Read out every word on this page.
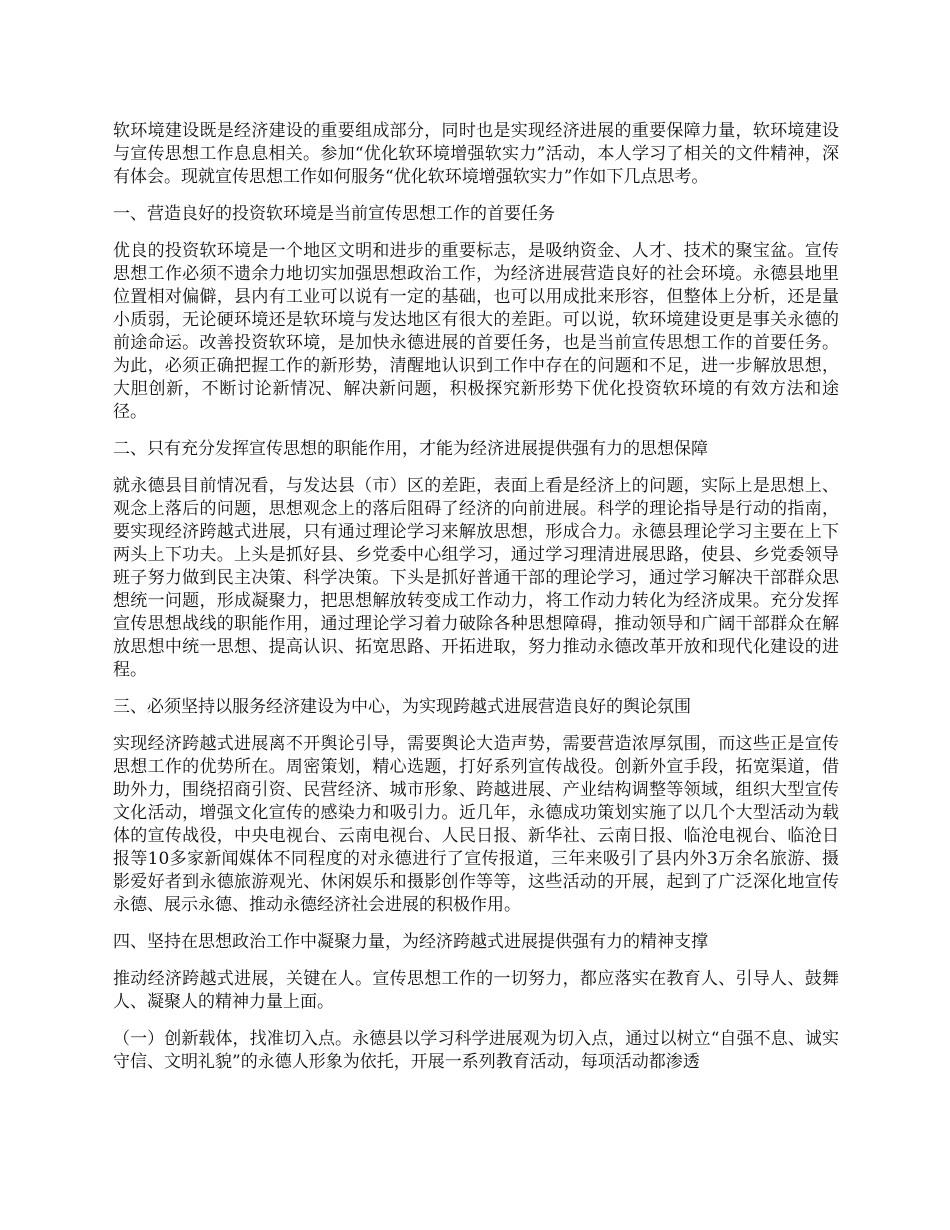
软环境建设既是经济建设的重要组成部分，同时也是实现经济进展的重要保障力量，软环境建设与宣传思想工作息息相关。参加“优化软环境增强软实力”活动，本人学习了相关的文件精神，深有体会。现就宣传思想工作如何服务“优化软环境增强软实力”作如下几点思考。

一、营造良好的投资软环境是当前宣传思想工作的首要任务

优良的投资软环境是一个地区文明和进步的重要标志，是吸纳资金、人才、技术的聚宝盆。宣传思想工作必须不遗余力地切实加强思想政治工作，为经济进展营造良好的社会环境。永德县地里位置相对偏僻，县内有工业可以说有一定的基础，也可以用成批来形容，但整体上分析，还是量小质弱，无论硬环境还是软环境与发达地区有很大的差距。可以说，软环境建设更是事关永德的前途命运。改善投资软环境，是加快永德进展的首要任务，也是当前宣传思想工作的首要任务。为此，必须正确把握工作的新形势，清醒地认识到工作中存在的问题和不足，进一步解放思想，大胆创新，不断讨论新情况、解决新问题，积极探究新形势下优化投资软环境的有效方法和途径。

二、只有充分发挥宣传思想的职能作用，才能为经济进展提供强有力的思想保障

就永德县目前情况看，与发达县（市）区的差距，表面上看是经济上的问题，实际上是思想上、观念上落后的问题，思想观念上的落后阻碍了经济的向前进展。科学的理论指导是行动的指南，要实现经济跨越式进展，只有通过理论学习来解放思想，形成合力。永德县理论学习主要在上下两头上下功夫。上头是抓好县、乡党委中心组学习，通过学习理清进展思路，使县、乡党委领导班子努力做到民主决策、科学决策。下头是抓好普通干部的理论学习，通过学习解决干部群众思想统一问题，形成凝聚力，把思想解放转变成工作动力，将工作动力转化为经济成果。充分发挥宣传思想战线的职能作用，通过理论学习着力破除各种思想障碍，推动领导和广阔干部群众在解放思想中统一思想、提高认识、拓宽思路、开拓进取，努力推动永德改革开放和现代化建设的进程。

三、必须坚持以服务经济建设为中心，为实现跨越式进展营造良好的舆论氛围

实现经济跨越式进展离不开舆论引导，需要舆论大造声势，需要营造浓厚氛围，而这些正是宣传思想工作的优势所在。周密策划，精心选题，打好系列宣传战役。创新外宣手段，拓宽渠道，借助外力，围绕招商引资、民营经济、城市形象、跨越进展、产业结构调整等领域，组织大型宣传文化活动，增强文化宣传的感染力和吸引力。近几年，永德成功策划实施了以几个大型活动为载体的宣传战役，中央电视台、云南电视台、人民日报、新华社、云南日报、临沧电视台、临沧日报等10多家新闻媒体不同程度的对永德进行了宣传报道，三年来吸引了县内外3万余名旅游、摄影爱好者到永德旅游观光、休闲娱乐和摄影创作等等，这些活动的开展，起到了广泛深化地宣传永德、展示永德、推动永德经济社会进展的积极作用。

四、坚持在思想政治工作中凝聚力量，为经济跨越式进展提供强有力的精神支撑

推动经济跨越式进展，关键在人。宣传思想工作的一切努力，都应落实在教育人、引导人、鼓舞人、凝聚人的精神力量上面。

（一）创新载体，找准切入点。永德县以学习科学进展观为切入点，通过以树立“自强不息、诚实守信、文明礼貌”的永德人形象为依托，开展一系列教育活动，每项活动都渗透
